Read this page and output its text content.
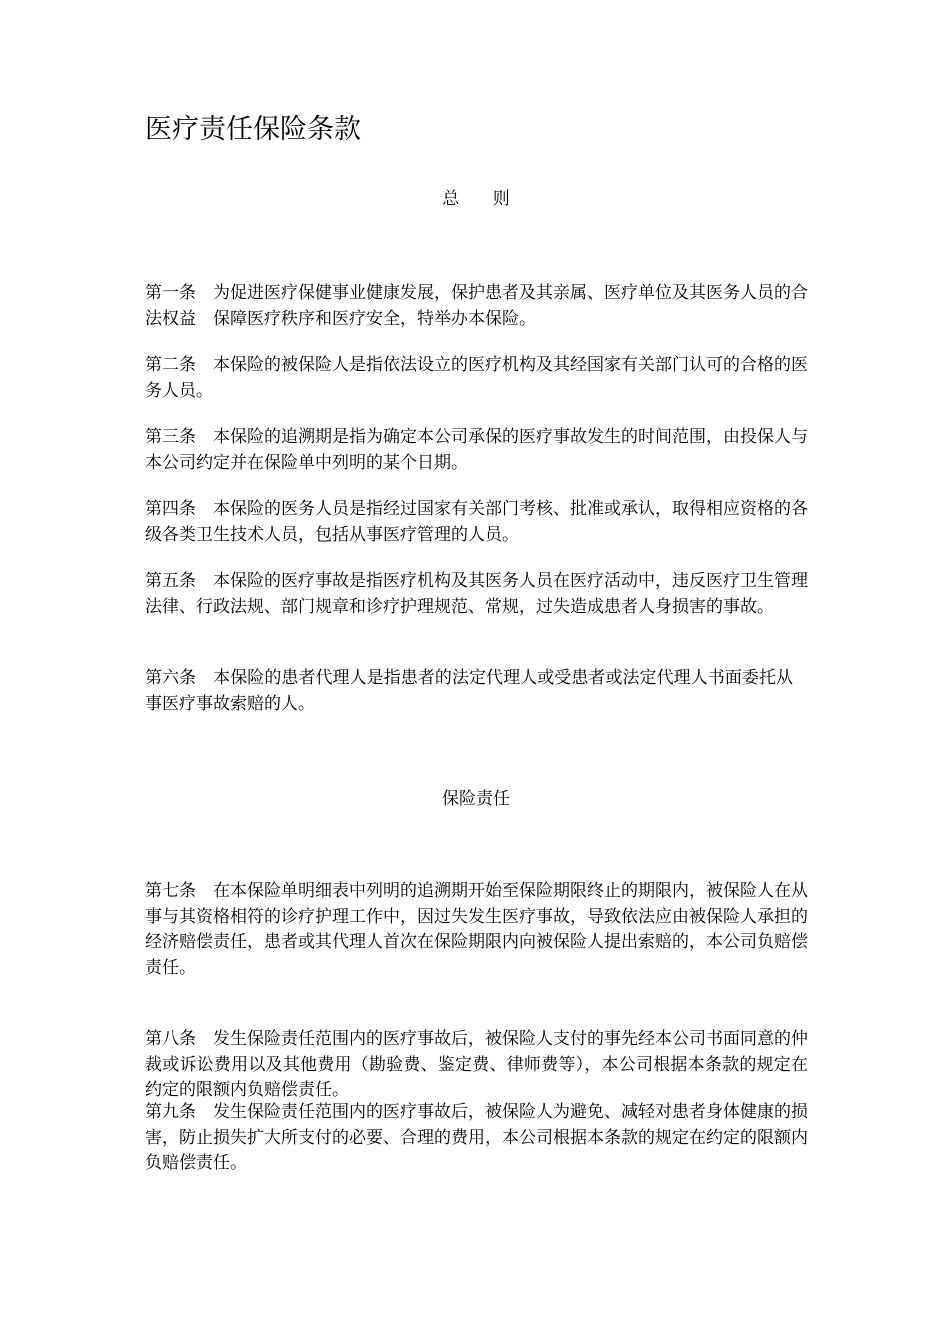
医疗责任保险条款
总 则
第一条 为促进医疗保健事业健康发展，保护患者及其亲属、医疗单位及其医务人员的合法权益　保障医疗秩序和医疗安全，特举办本保险。
第二条 本保险的被保险人是指依法设立的医疗机构及其经国家有关部门认可的合格的医务人员。
第三条 本保险的追溯期是指为确定本公司承保的医疗事故发生的时间范围，由投保人与本公司约定并在保险单中列明的某个日期。
第四条 本保险的医务人员是指经过国家有关部门考核、批准或承认，取得相应资格的各级各类卫生技术人员，包括从事医疗管理的人员。
第五条 本保险的医疗事故是指医疗机构及其医务人员在医疗活动中，违反医疗卫生管理法律、行政法规、部门规章和诊疗护理规范、常规，过失造成患者人身损害的事故。
第六条 本保险的患者代理人是指患者的法定代理人或受患者或法定代理人书面委托从事医疗事故索赔的人。
保险责任
第七条 在本保险单明细表中列明的追溯期开始至保险期限终止的期限内，被保险人在从事与其资格相符的诊疗护理工作中，因过失发生医疗事故，导致依法应由被保险人承担的经济赔偿责任，患者或其代理人首次在保险期限内向被保险人提出索赔的，本公司负赔偿责任。
第八条 发生保险责任范围内的医疗事故后，被保险人支付的事先经本公司书面同意的仲裁或诉讼费用以及其他费用（勘验费、鉴定费、律师费等），本公司根据本条款的规定在约定的限额内负赔偿责任。
第九条 发生保险责任范围内的医疗事故后，被保险人为避免、减轻对患者身体健康的损害，防止损失扩大所支付的必要、合理的费用，本公司根据本条款的规定在约定的限额内负赔偿责任。
